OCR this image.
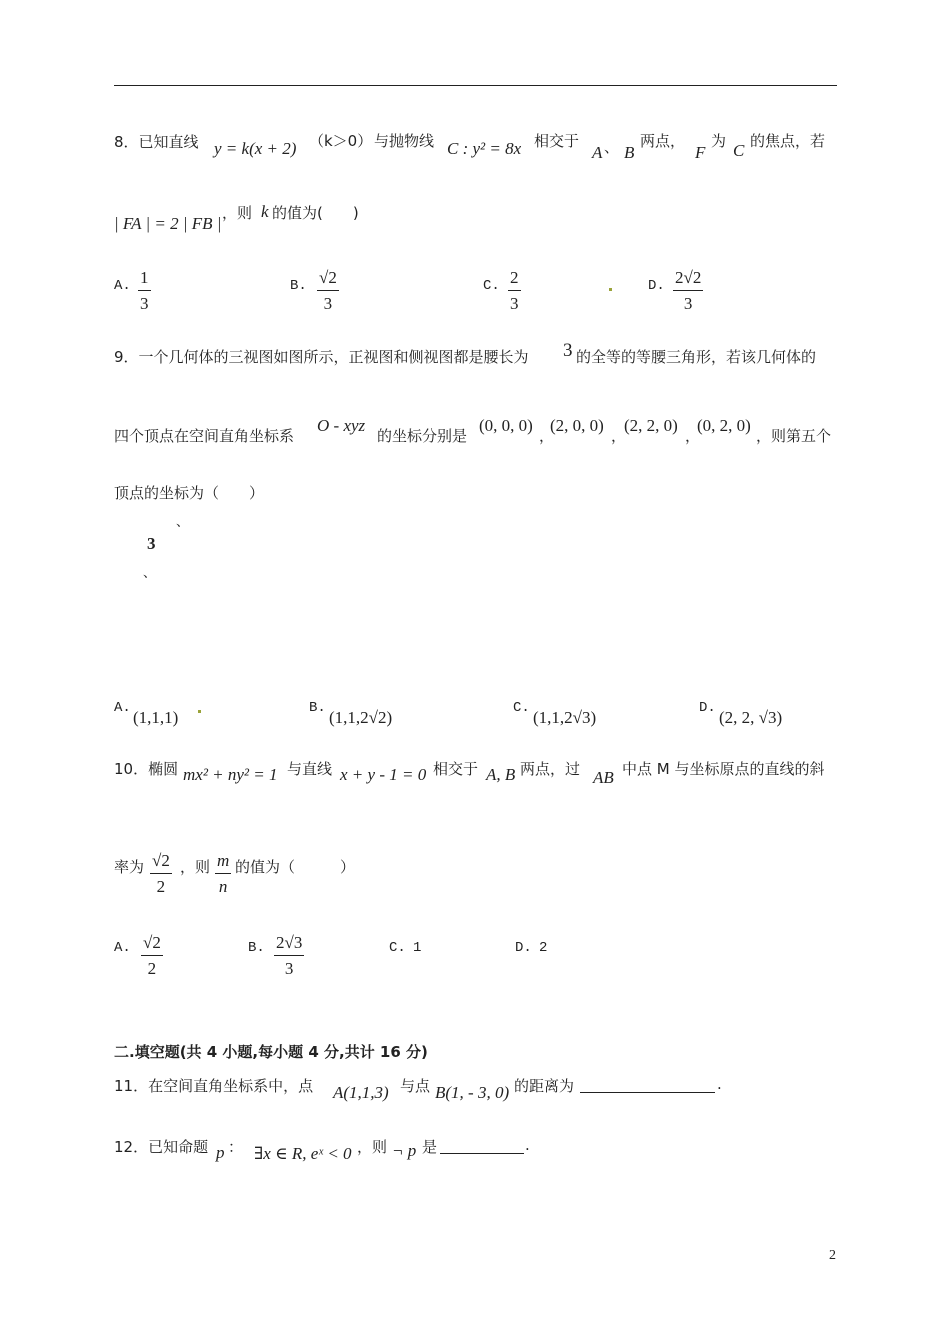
8．已知直线 y = k(x + 2) （k＞0） 与抛物线 C : y² = 8x 相交于
A 、 B
两点，
F
为 C 的焦点，若
| FA | = 2 | FB |
，则 k 的值为(　　)
A. $\frac{1}{3}$	B. $\frac{√2}{3}$	C. $\frac{2}{3}$	D. $\frac{2√2}{3}$
9．一个几何体的三视图如图所示，正视图和侧视图都是腰长为 3 的全等的等腰三角形，若该几何体的
四个顶点在空间直角坐标系
O - xyz
的坐标分别是
(0, 0, 0)
，
(2, 0, 0)
，
(2, 2, 0)
，
(0, 2, 0)
，则第五个
顶点的坐标为（　　）
、
3
、
A. (1,1,1)	B. (1,1,2√2)	C. (1,1,2√3)	D. (2, 2, √3)
10．椭圆 mx² + ny² = 1 与直线 x + y - 1 = 0 相交于 A, B 两点，过 AB 中点 M 与坐标原点的直线的斜
率为 $\frac{√2}{2}$ ，则 $\frac{m}{n}$ 的值为（　　　）
A. $\frac{√2}{2}$	B. $\frac{2√3}{3}$	C. 1	D. 2
二.填空题(共 4 小题,每小题 4 分,共计 16 分)
11．在空间直角坐标系中，点 A(1,1,3) 与点 B(1, - 3, 0) 的距离为	.
12．已知命题 p ： ∃x ∈ R, eˣ < 0 ，则 ¬ p 是	.
2
